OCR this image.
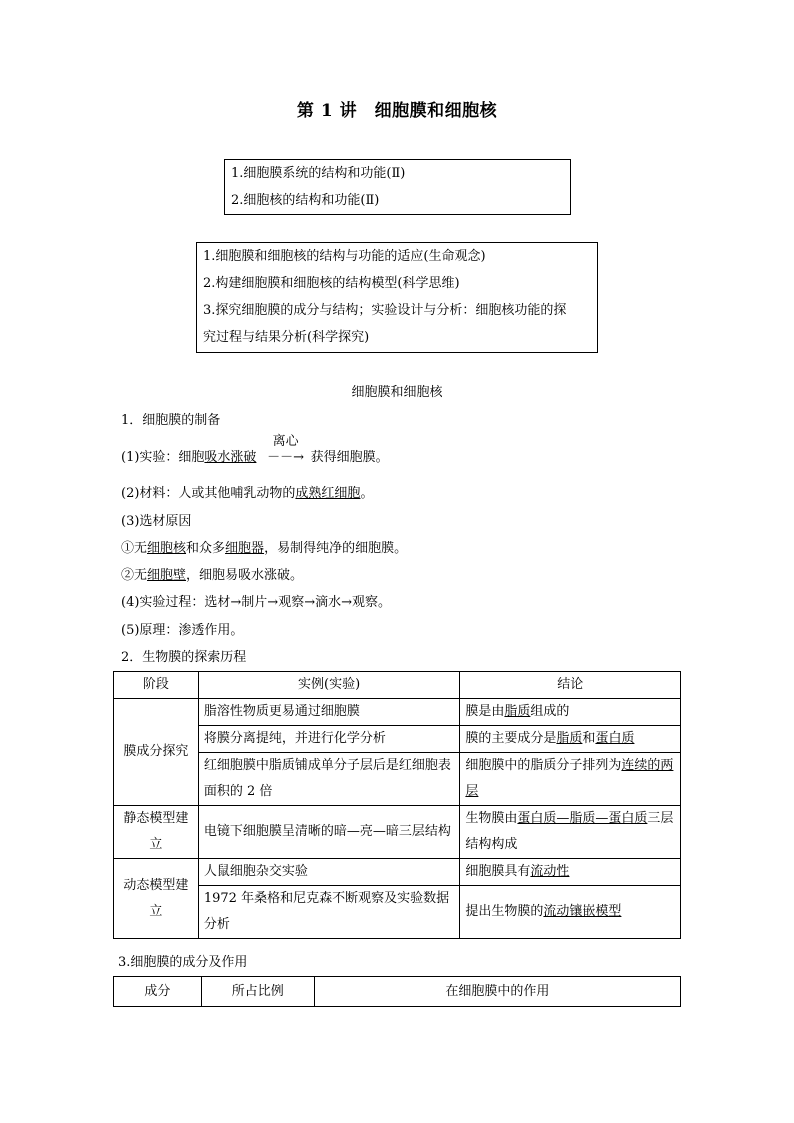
第 1 讲　细胞膜和细胞核
1.细胞膜系统的结构和功能(Ⅱ)
2.细胞核的结构和功能(Ⅱ)
1.细胞膜和细胞核的结构与功能的适应(生命观念)
2.构建细胞膜和细胞核的结构模型(科学思维)
3.探究细胞膜的成分与结构；实验设计与分析：细胞核功能的探
究过程与结果分析(科学探究)
细胞膜和细胞核
1．细胞膜的制备
(1)实验：细胞吸水涨破
离心
－－→ 获得细胞膜。
(2)材料：人或其他哺乳动物的成熟红细胞。
(3)选材原因
①无细胞核和众多细胞器，易制得纯净的细胞膜。
②无细胞壁，细胞易吸水涨破。
(4)实验过程：选材→制片→观察→滴水→观察。
(5)原理：渗透作用。
2．生物膜的探索历程
阶段	实例(实验)	结论
膜成分探究	脂溶性物质更易通过细胞膜	膜是由脂质组成的
	将膜分离提纯，并进行化学分析	膜的主要成分是脂质和蛋白质
	红细胞膜中脂质铺成单分子层后是红细胞表面积的 2 倍	细胞膜中的脂质分子排列为连续的两层
静态模型建立	电镜下细胞膜呈清晰的暗—亮—暗三层结构	生物膜由蛋白质—脂质—蛋白质三层结构构成
动态模型建立	人鼠细胞杂交实验	细胞膜具有流动性
	1972 年桑格和尼克森不断观察及实验数据分析	提出生物膜的流动镶嵌模型
3.细胞膜的成分及作用
成分	所占比例	在细胞膜中的作用
